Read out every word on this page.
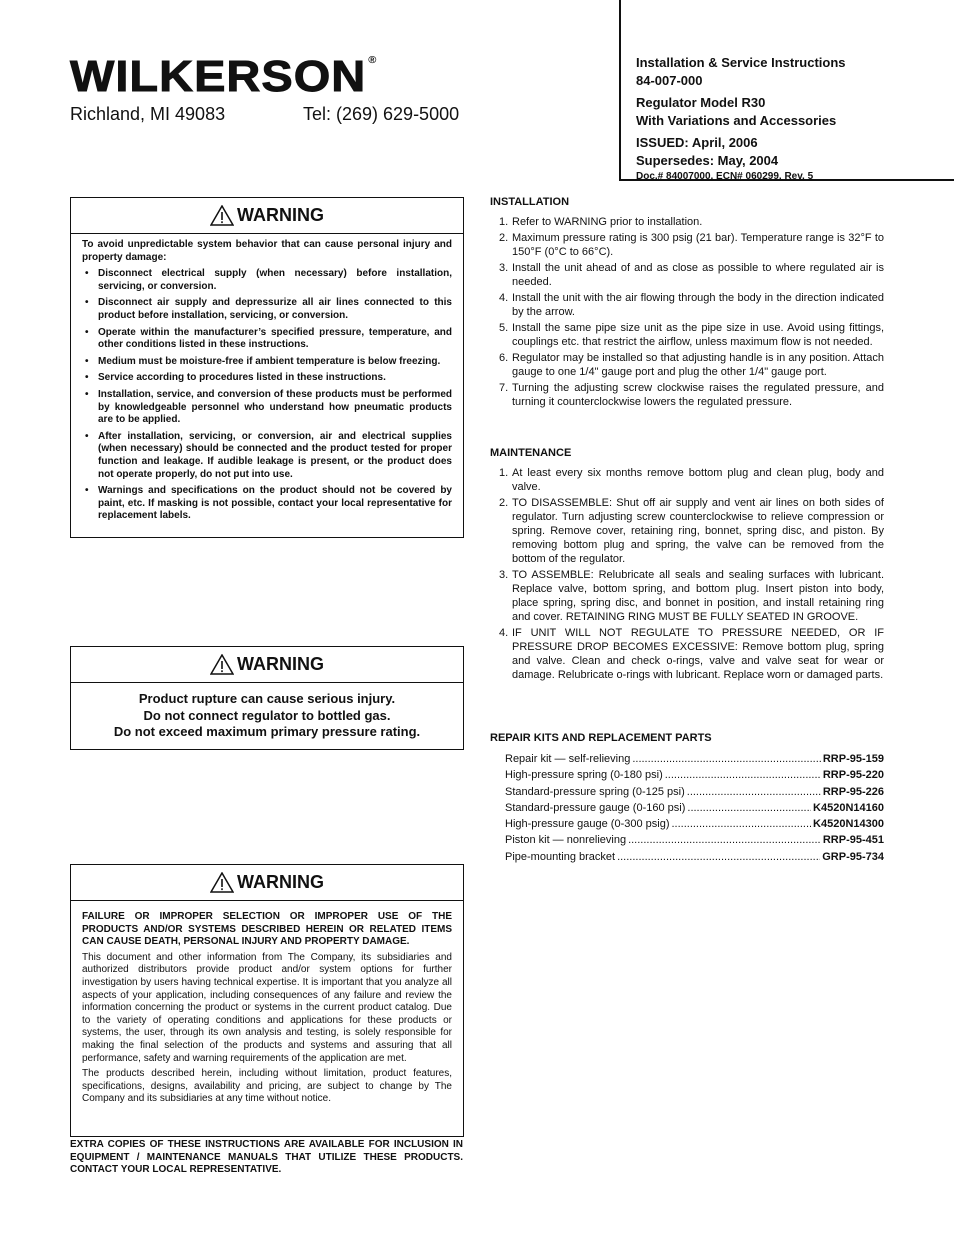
WILKERSON ®
Richland, MI 49083	Tel: (269) 629-5000
Installation & Service Instructions
84-007-000
Regulator Model R30
With Variations and Accessories
ISSUED: April, 2006
Supersedes: May, 2004
Doc.# 84007000, ECN# 060299, Rev. 5
WARNING
To avoid unpredictable system behavior that can cause personal injury and property damage:
• Disconnect electrical supply (when necessary) before installation, servicing, or conversion.
• Disconnect air supply and depressurize all air lines connected to this product before installation, servicing, or conversion.
• Operate within the manufacturer’s specified pressure, temperature, and other conditions listed in these instructions.
• Medium must be moisture-free if ambient temperature is below freezing.
• Service according to procedures listed in these instructions.
• Installation, service, and conversion of these products must be performed by knowledgeable personnel who understand how pneumatic products are to be applied.
• After installation, servicing, or conversion, air and electrical supplies (when necessary) should be connected and the product tested for proper function and leakage. If audible leakage is present, or the product does not operate properly, do not put into use.
• Warnings and specifications on the product should not be covered by paint, etc. If masking is not possible, contact your local representative for replacement labels.
WARNING
Product rupture can cause serious injury.
Do not connect regulator to bottled gas.
Do not exceed maximum primary pressure rating.
WARNING
FAILURE OR IMPROPER SELECTION OR IMPROPER USE OF THE PRODUCTS AND/OR SYSTEMS DESCRIBED HEREIN OR RELATED ITEMS CAN CAUSE DEATH, PERSONAL INJURY AND PROPERTY DAMAGE.

This document and other information from The Company, its subsidiaries and authorized distributors provide product and/or system options for further investigation by users having technical expertise. It is important that you analyze all aspects of your application, including consequences of any failure and review the information concerning the product or systems in the current product catalog. Due to the variety of operating conditions and applications for these products or systems, the user, through its own analysis and testing, is solely responsible for making the final selection of the products and systems and assuring that all performance, safety and warning requirements of the application are met.

The products described herein, including without limitation, product features, specifications, designs, availability and pricing, are subject to change by The Company and its subsidiaries at any time without notice.

EXTRA COPIES OF THESE INSTRUCTIONS ARE AVAILABLE FOR INCLUSION IN EQUIPMENT / MAINTENANCE MANUALS THAT UTILIZE THESE PRODUCTS. CONTACT YOUR LOCAL REPRESENTATIVE.
INSTALLATION
1. Refer to WARNING prior to installation.
2. Maximum pressure rating is 300 psig (21 bar). Temperature range is 32°F to 150°F (0°C to 66°C).
3. Install the unit ahead of and as close as possible to where regulated air is needed.
4. Install the unit with the air flowing through the body in the direction indicated by the arrow.
5. Install the same pipe size unit as the pipe size in use. Avoid using fittings, couplings etc. that restrict the airflow, unless maximum flow is not needed.
6. Regulator may be installed so that adjusting handle is in any position. Attach gauge to one 1/4" gauge port and plug the other 1/4" gauge port.
7. Turning the adjusting screw clockwise raises the regulated pressure, and turning it counterclockwise lowers the regulated pressure.
MAINTENANCE
1. At least every six months remove bottom plug and clean plug, body and valve.
2. TO DISASSEMBLE: Shut off air supply and vent air lines on both sides of regulator. Turn adjusting screw counterclockwise to relieve compression or spring. Remove cover, retaining ring, bonnet, spring disc, and piston. By removing bottom plug and spring, the valve can be removed from the bottom of the regulator.
3. TO ASSEMBLE: Relubricate all seals and sealing surfaces with lubricant. Replace valve, bottom spring, and bottom plug. Insert piston into body, place spring, spring disc, and bonnet in position, and install retaining ring and cover. RETAINING RING MUST BE FULLY SEATED IN GROOVE.
4. IF UNIT WILL NOT REGULATE TO PRESSURE NEEDED, OR IF PRESSURE DROP BECOMES EXCESSIVE: Remove bottom plug, spring and valve. Clean and check o-rings, valve and valve seat for wear or damage. Relubricate o-rings with lubricant. Replace worn or damaged parts.
REPAIR KITS AND REPLACEMENT PARTS
Repair kit — self-relieving .....	RRP-95-159
High-pressure spring (0-180 psi) .....	RRP-95-220
Standard-pressure spring (0-125 psi) .....	RRP-95-226
Standard-pressure gauge (0-160 psi) .....	K4520N14160
High-pressure gauge (0-300 psig) .....	K4520N14300
Piston kit — nonrelieving .....	RRP-95-451
Pipe-mounting bracket .....	GRP-95-734
